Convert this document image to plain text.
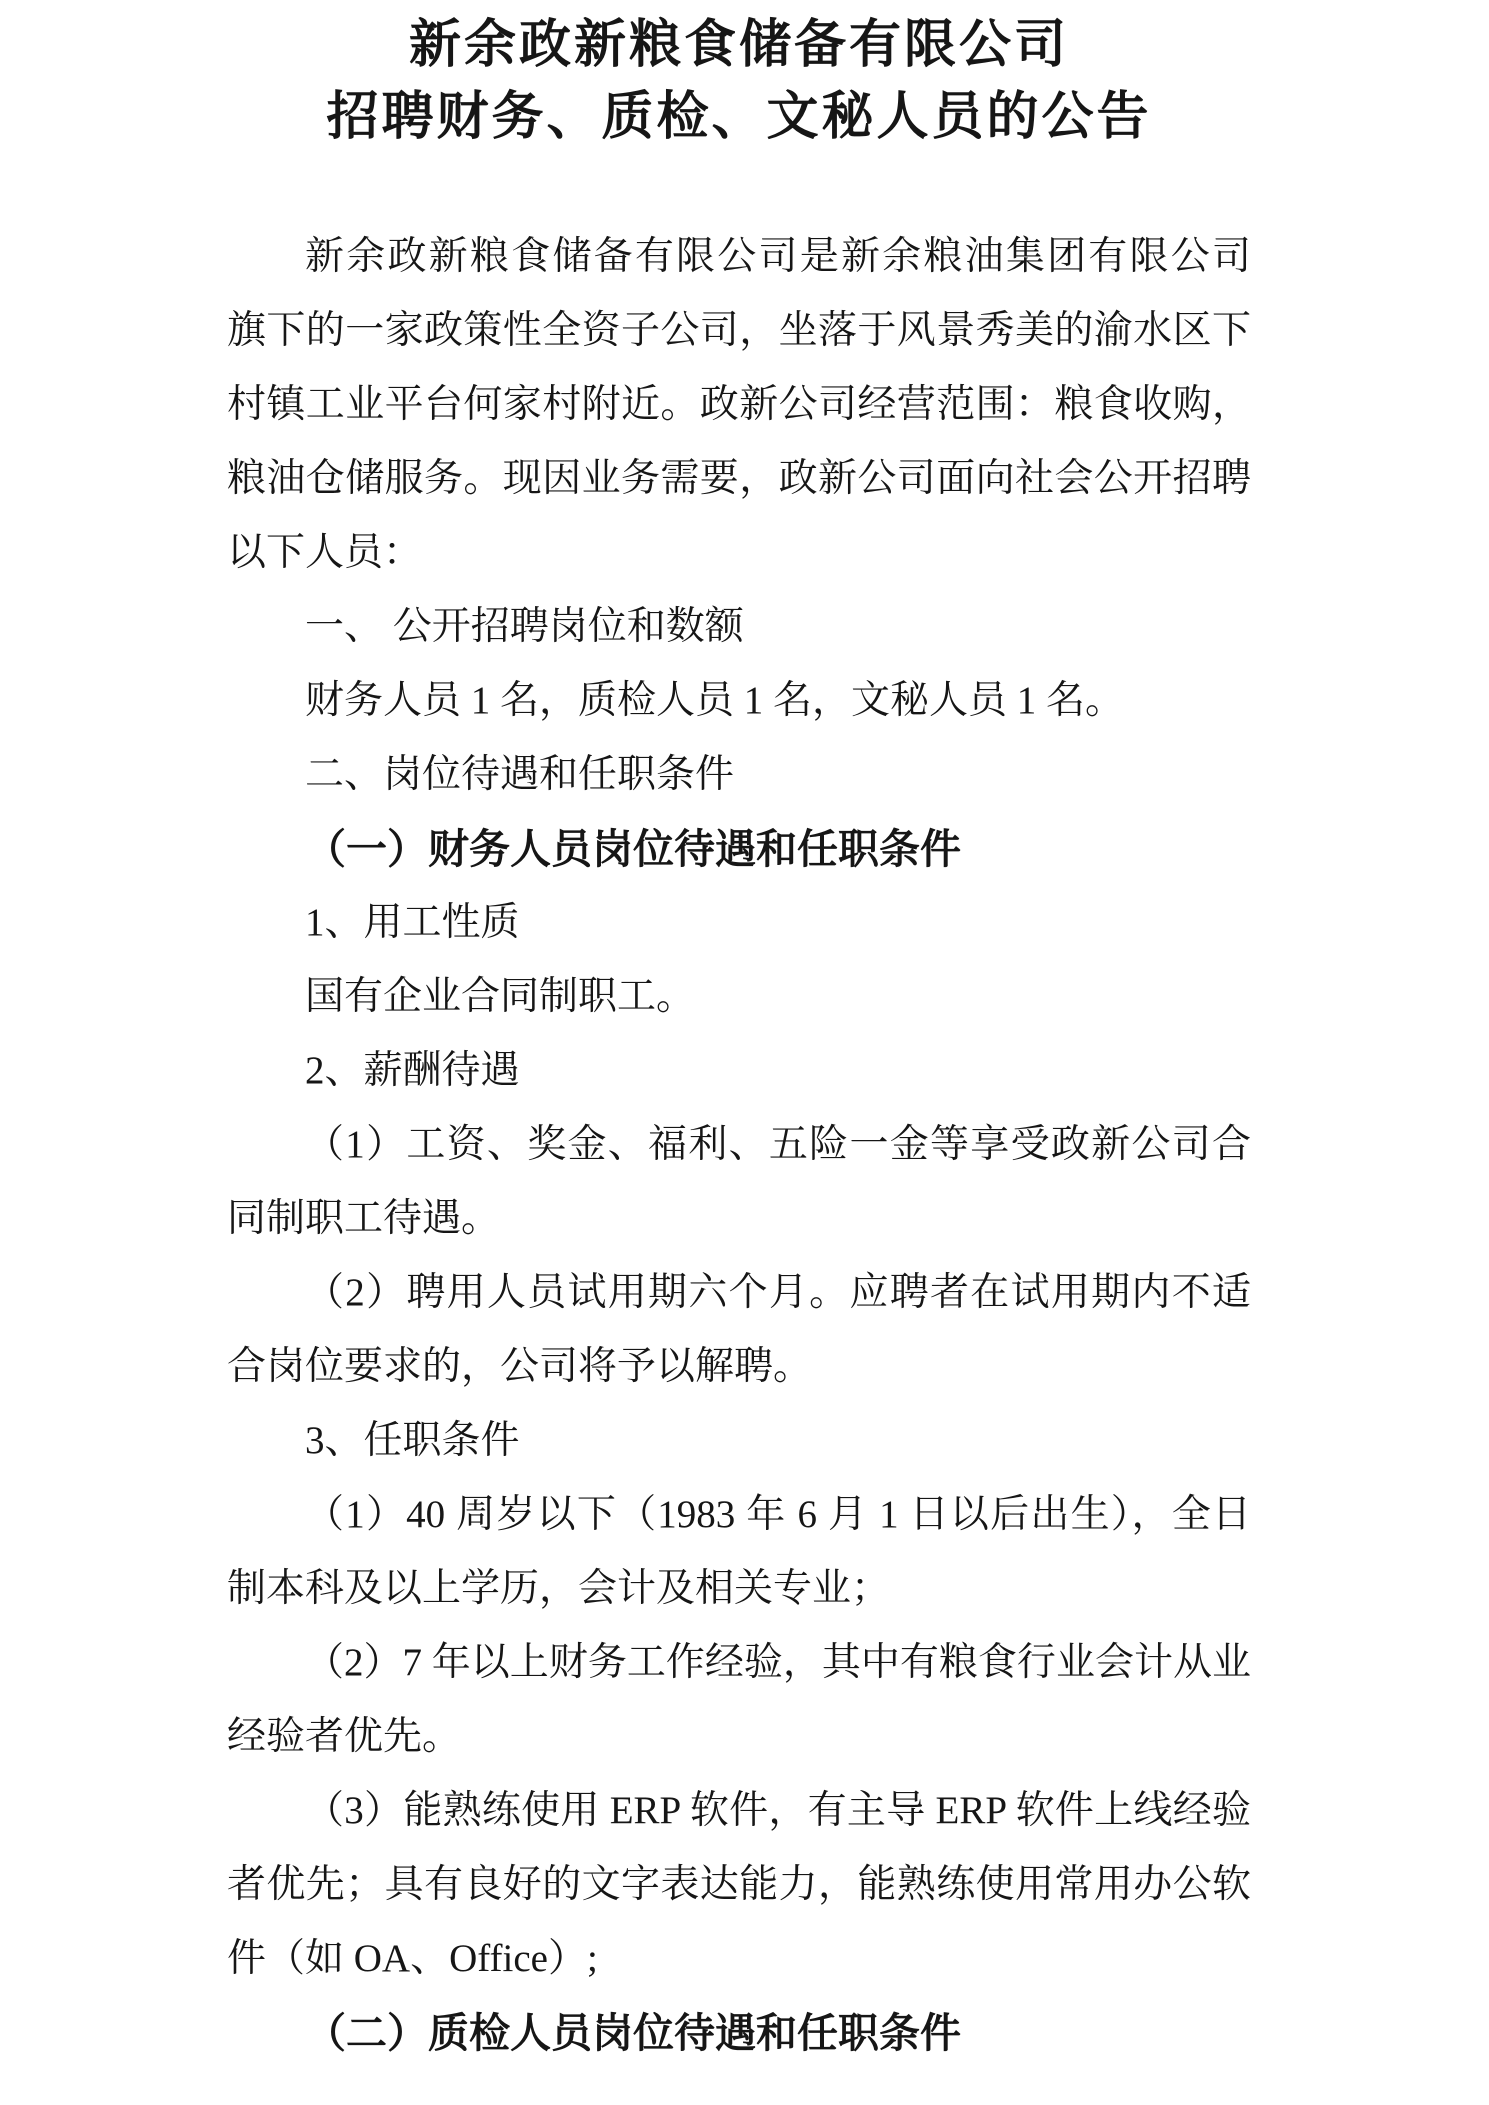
新余政新粮食储备有限公司
招聘财务、质检、文秘人员的公告
新余政新粮食储备有限公司是新余粮油集团有限公司
旗下的一家政策性全资子公司，坐落于风景秀美的渝水区下
村镇工业平台何家村附近。政新公司经营范围：粮食收购，
粮油仓储服务。现因业务需要，政新公司面向社会公开招聘
以下人员：
一、 公开招聘岗位和数额
财务人员 1 名，质检人员 1 名，文秘人员 1 名。
二、岗位待遇和任职条件
（一）财务人员岗位待遇和任职条件
1、用工性质
国有企业合同制职工。
2、薪酬待遇
（1）工资、奖金、福利、五险一金等享受政新公司合
同制职工待遇。
（2）聘用人员试用期六个月。应聘者在试用期内不适
合岗位要求的，公司将予以解聘。
3、任职条件
（1）40 周岁以下（1983 年 6 月 1 日以后出生），全日
制本科及以上学历，会计及相关专业；
（2）7 年以上财务工作经验，其中有粮食行业会计从业
经验者优先。
（3）能熟练使用 ERP 软件，有主导 ERP 软件上线经验
者优先；具有良好的文字表达能力，能熟练使用常用办公软
件（如 OA、Office）;
（二）质检人员岗位待遇和任职条件
